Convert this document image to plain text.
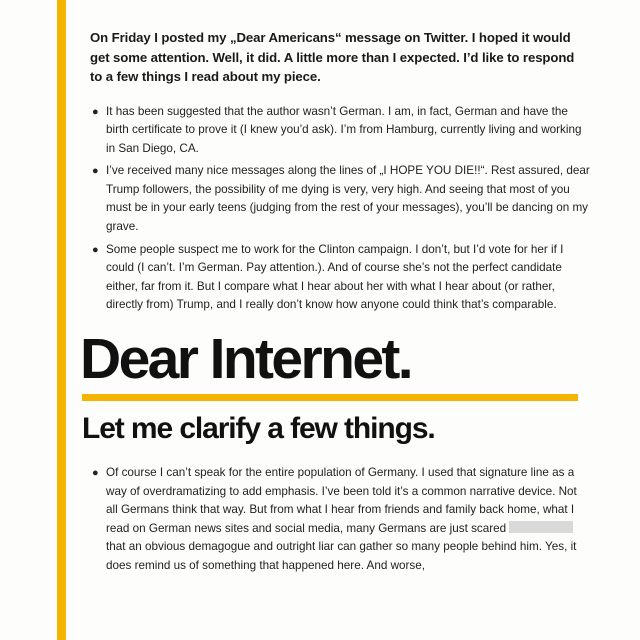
On Friday I posted my „Dear Americans“ message on Twitter. I hoped it would get some attention. Well, it did. A little more than I expected. I’d like to respond to a few things I read about my piece.

● It has been suggested that the author wasn’t German. I am, in fact, German and have the birth certificate to prove it (I knew you’d ask). I’m from Hamburg, currently living and working in San Diego, CA.
● I’ve received many nice messages along the lines of „I HOPE YOU DIE!!“. Rest assured, dear Trump followers, the possibility of me dying is very, very high. And seeing that most of you must be in your early teens (judging from the rest of your messages), you’ll be dancing on my grave.
● Some people suspect me to work for the Clinton campaign. I don’t, but I’d vote for her if I could (I can’t. I’m German. Pay attention.). And of course she’s not the perfect candidate either, far from it. But I compare what I hear about her with what I hear about (or rather, directly from) Trump, and I really don’t know how anyone could think that’s comparable.
Dear Internet.
Let me clarify a few things.
● Of course I can’t speak for the entire population of Germany. I used that signature line as a way of overdramatizing to add emphasis. I’ve been told it’s a common narrative device. Not all Germans think that way. But from what I hear from friends and family back home, what I read on German news sites and social media, many Germans are just scaredthat an obvious demagogue and outright liar can gather so many people behind him. Yes, it does remind us of something that happened here. And worse,
